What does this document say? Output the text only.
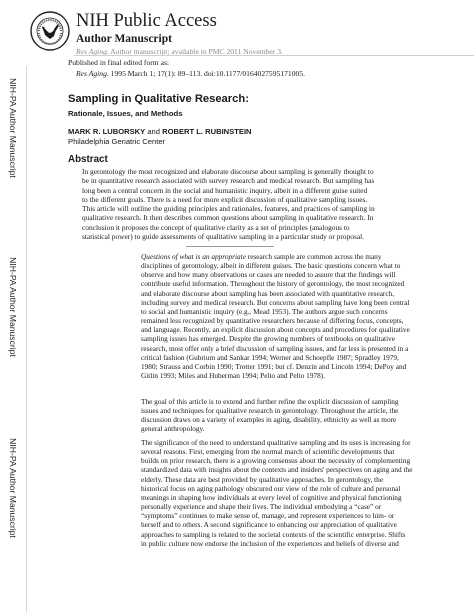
NIH-PA Author Manuscript
NIH-PA Author Manuscript
NIH-PA Author Manuscript
NIH Public Access
Author Manuscript
Res Aging. Author manuscript; available in PMC 2011 November 3.
Published in final edited form as:
Res Aging. 1995 March 1; 17(1): 89–113. doi:10.1177/0164027595171005.
Sampling in Qualitative Research:
Rationale, Issues, and Methods
MARK R. LUBORSKY and ROBERT L. RUBINSTEIN
Philadelphia Geriatric Center
Abstract
In gerontology the most recognized and elaborate discourse about sampling is generally thought to
be in quantitative research associated with survey research and medical research. But sampling has
long been a central concern in the social and humanistic inquiry, albeit in a different guise suited
to the different goals. There is a need for more explicit discussion of qualitative sampling issues.
This article will outline the guiding principles and rationales, features, and practices of sampling in
qualitative research. It then describes common questions about sampling in qualitative research. In
conclusion it proposes the concept of qualitative clarity as a set of principles (analogous to
statistical power) to guide assessments of qualitative sampling in a particular study or proposal.
Questions of what is an appropriate research sample are common across the many
disciplines of gerontology, albeit in different guises. The basic questions concern what to
observe and how many observations or cases are needed to assure that the findings will
contribute useful information. Throughout the history of gerontology, the most recognized
and elaborate discourse about sampling has been associated with quantitative research,
including survey and medical research. But concerns about sampling have long been central
to social and humanistic inquiry (e.g., Mead 1953). The authors argue such concerns
remained less recognized by quantitative researchers because of differing focus, concepts,
and language. Recently, an explicit discussion about concepts and procedures for qualitative
sampling issues has emerged. Despite the growing numbers of textbooks on qualitative
research, most offer only a brief discussion of sampling issues, and far less is presented in a
critical fashion (Gubrium and Sankar 1994; Werner and Schoepfle 1987; Spradley 1979,
1980; Strauss and Corbin 1990; Trotter 1991; but cf. Denzin and Lincoln 1994; DePoy and
Gitlin 1993; Miles and Huberman 1994; Pelto and Pelto 1978).
The goal of this article is to extend and further refine the explicit discussion of sampling
issues and techniques for qualitative research in gerontology. Throughout the article, the
discussion draws on a variety of examples in aging, disability, ethnicity as well as more
general anthropology.
The significance of the need to understand qualitative sampling and its uses is increasing for
several reasons. First, emerging from the normal march of scientific developments that
builds on prior research, there is a growing consensus about the necessity of complementing
standardized data with insights about the contexts and insiders' perspectives on aging and the
elderly. These data are best provided by qualitative approaches. In gerontology, the
historical focus on aging pathology obscured our view of the role of culture and personal
meanings in shaping how individuals at every level of cognitive and physical functioning
personally experience and shape their lives. The individual embodying a “case” or
“symptoms” continues to make sense of, manage, and represent experiences to him- or
herself and to others. A second significance to enhancing our appreciation of qualitative
approaches to sampling is related to the societal contexts of the scientific enterprise. Shifts
in public culture now endorse the inclusion of the experiences and beliefs of diverse and
